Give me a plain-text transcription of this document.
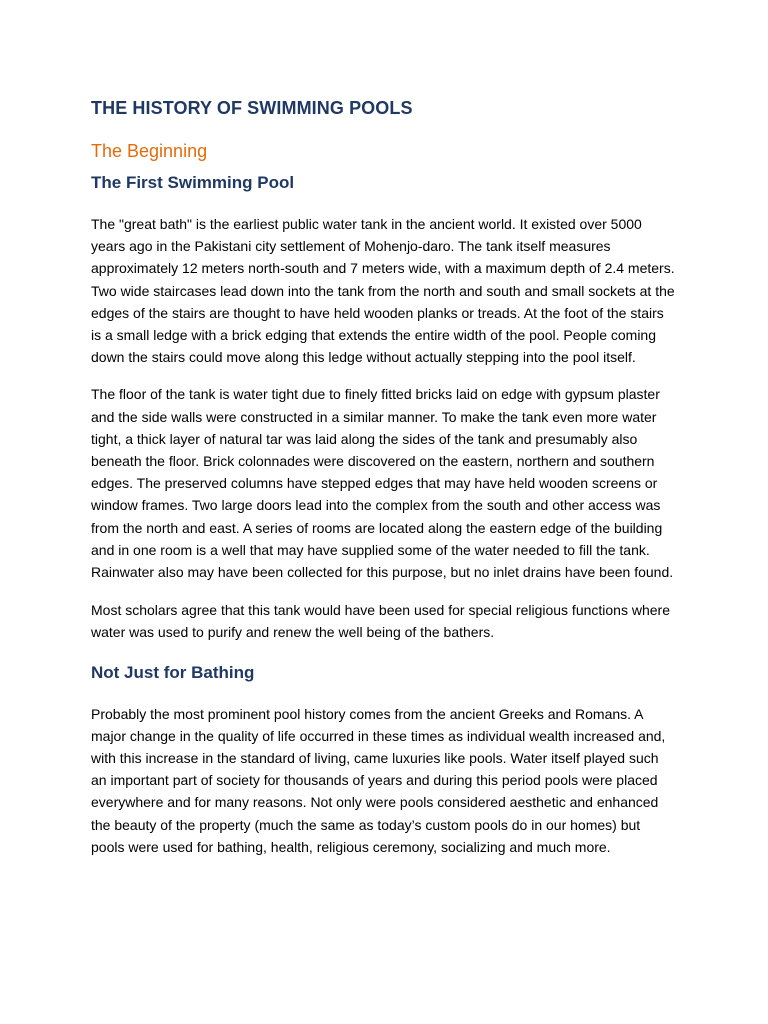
THE HISTORY OF SWIMMING POOLS
The Beginning
The First Swimming Pool

The "great bath" is the earliest public water tank in the ancient world. It existed over 5000 years ago in the Pakistani city settlement of Mohenjo-daro. The tank itself measures approximately 12 meters north-south and 7 meters wide, with a maximum depth of 2.4 meters. Two wide staircases lead down into the tank from the north and south and small sockets at the edges of the stairs are thought to have held wooden planks or treads. At the foot of the stairs is a small ledge with a brick edging that extends the entire width of the pool. People coming down the stairs could move along this ledge without actually stepping into the pool itself.

The floor of the tank is water tight due to finely fitted bricks laid on edge with gypsum plaster and the side walls were constructed in a similar manner. To make the tank even more water tight, a thick layer of natural tar was laid along the sides of the tank and presumably also beneath the floor. Brick colonnades were discovered on the eastern, northern and southern edges. The preserved columns have stepped edges that may have held wooden screens or window frames. Two large doors lead into the complex from the south and other access was from the north and east. A series of rooms are located along the eastern edge of the building and in one room is a well that may have supplied some of the water needed to fill the tank. Rainwater also may have been collected for this purpose, but no inlet drains have been found.

Most scholars agree that this tank would have been used for special religious functions where water was used to purify and renew the well being of the bathers.

Not Just for Bathing

Probably the most prominent pool history comes from the ancient Greeks and Romans. A major change in the quality of life occurred in these times as individual wealth increased and, with this increase in the standard of living, came luxuries like pools. Water itself played such an important part of society for thousands of years and during this period pools were placed everywhere and for many reasons. Not only were pools considered aesthetic and enhanced the beauty of the property (much the same as today’s custom pools do in our homes) but pools were used for bathing, health, religious ceremony, socializing and much more.
